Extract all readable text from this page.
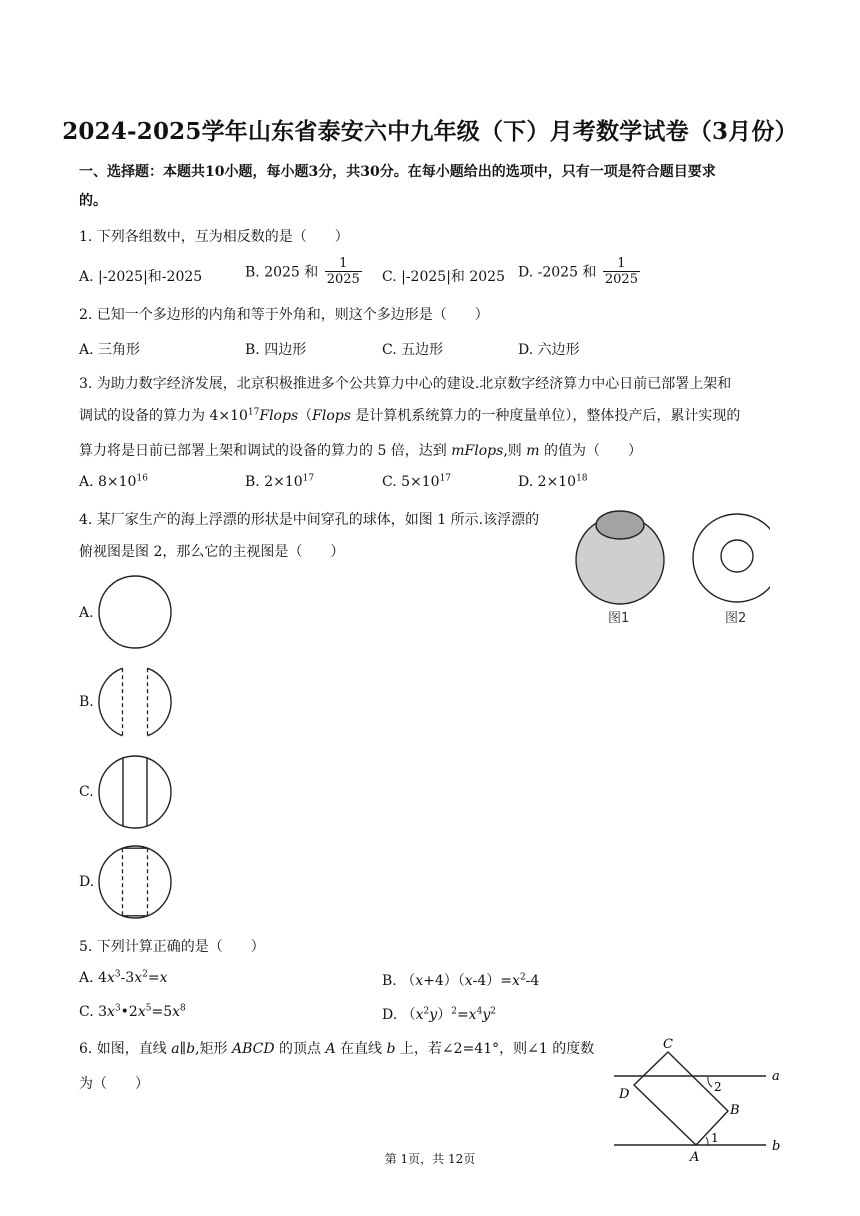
2024-2025学年山东省泰安六中九年级（下）月考数学试卷（3月份）
一、选择题：本题共10小题，每小题3分，共30分。在每小题给出的选项中，只有一项是符合题目要求
的。
1. 下列各组数中，互为相反数的是（　　）
A. |-2025|和-2025	B. 2025 和 $\frac{1}{2025} C$. |-2025|和 2025 D. -2025 和 $\frac{1}{2025}$
2. 已知一个多边形的内角和等于外角和，则这个多边形是（　　）
A. 三角形	B. 四边形	C. 五边形	D. 六边形
3. 为助力数字经济发展，北京积极推进多个公共算力中心的建设.北京数字经济算力中心日前已部署上架和
调试的设备的算力为 $4\times 10^{17}Flops(Flops$ 是计算机系统算力的一种度量单位），整体投产后，累计实现的
算力将是日前已部署上架和调试的设备的算力的 5 倍，达到 mFlops,则 m 的值为（　　）
A. $8\times 10^{16}$	B. $2\times 10^{17}$	C. $5\times 10^{17}$	D. $2\times 10^{18}$
4. 某厂家生产的海上浮漂的形状是中间穿孔的球体，如图 1 所示.该浮漂的
俯视图是图 2，那么它的主视图是（　　）
图1	图2
A.
B.
C.
D.
5. 下列计算正确的是（　　）
A. $4x^3-3x^2=x$	B. $(x+4)(x-4)=x^2-4$
C. $3x^3•2x^5=5x^8$	D. $(x^2y)^2=x^4y^2$
6. 如图，直线 a∥b,矩形 ABCD 的顶点 A 在直线 b 上，若∠2=41°，则∠1 的度数
为（　　）
C
D
B
A
a
b
2
1
第 1页，共 12页
